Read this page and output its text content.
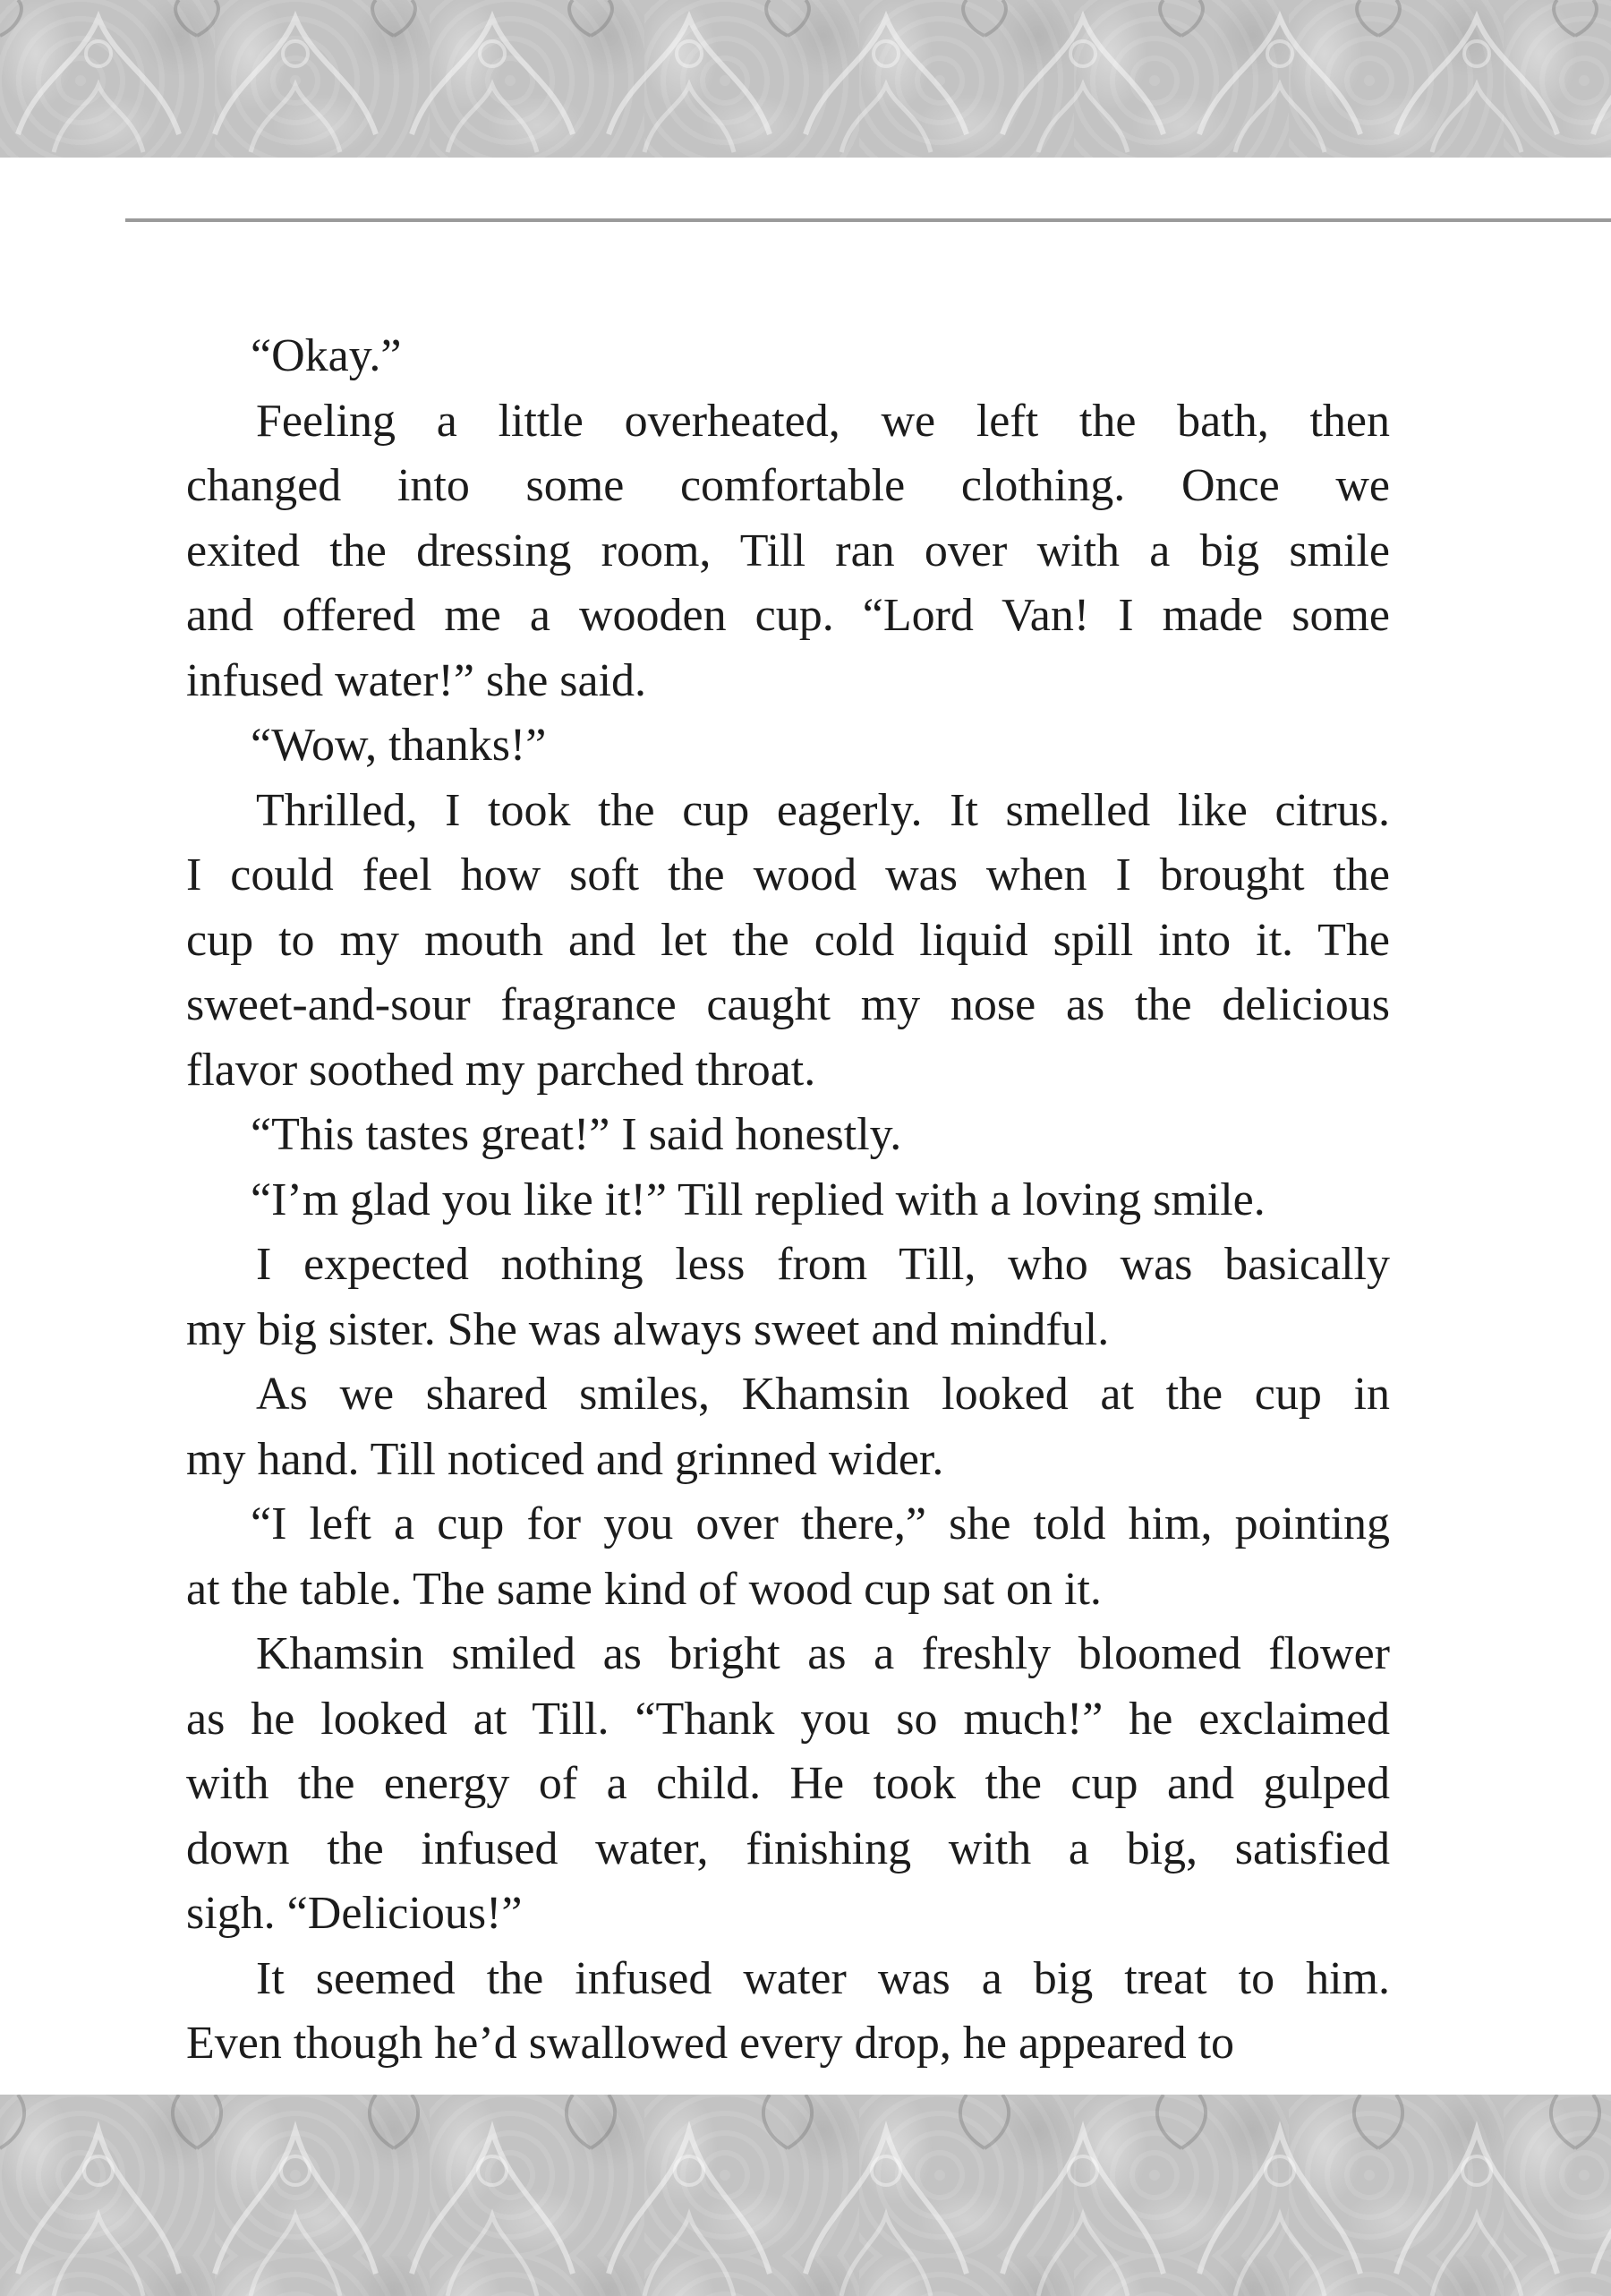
“Okay.”
Feeling a little overheated, we left the bath, then
changed into some comfortable clothing. Once we
exited the dressing room, Till ran over with a big smile
and offered me a wooden cup. “Lord Van! I made some
infused water!” she said.
“Wow, thanks!”
Thrilled, I took the cup eagerly. It smelled like citrus.
I could feel how soft the wood was when I brought the
cup to my mouth and let the cold liquid spill into it. The
sweet-and-sour fragrance caught my nose as the delicious
flavor soothed my parched throat.
“This tastes great!” I said honestly.
“I’m glad you like it!” Till replied with a loving smile.
I expected nothing less from Till, who was basically
my big sister. She was always sweet and mindful.
As we shared smiles, Khamsin looked at the cup in
my hand. Till noticed and grinned wider.
“I left a cup for you over there,” she told him, pointing
at the table. The same kind of wood cup sat on it.
Khamsin smiled as bright as a freshly bloomed flower
as he looked at Till. “Thank you so much!” he exclaimed
with the energy of a child. He took the cup and gulped
down the infused water, finishing with a big, satisfied
sigh. “Delicious!”
It seemed the infused water was a big treat to him.
Even though he’d swallowed every drop, he appeared to
